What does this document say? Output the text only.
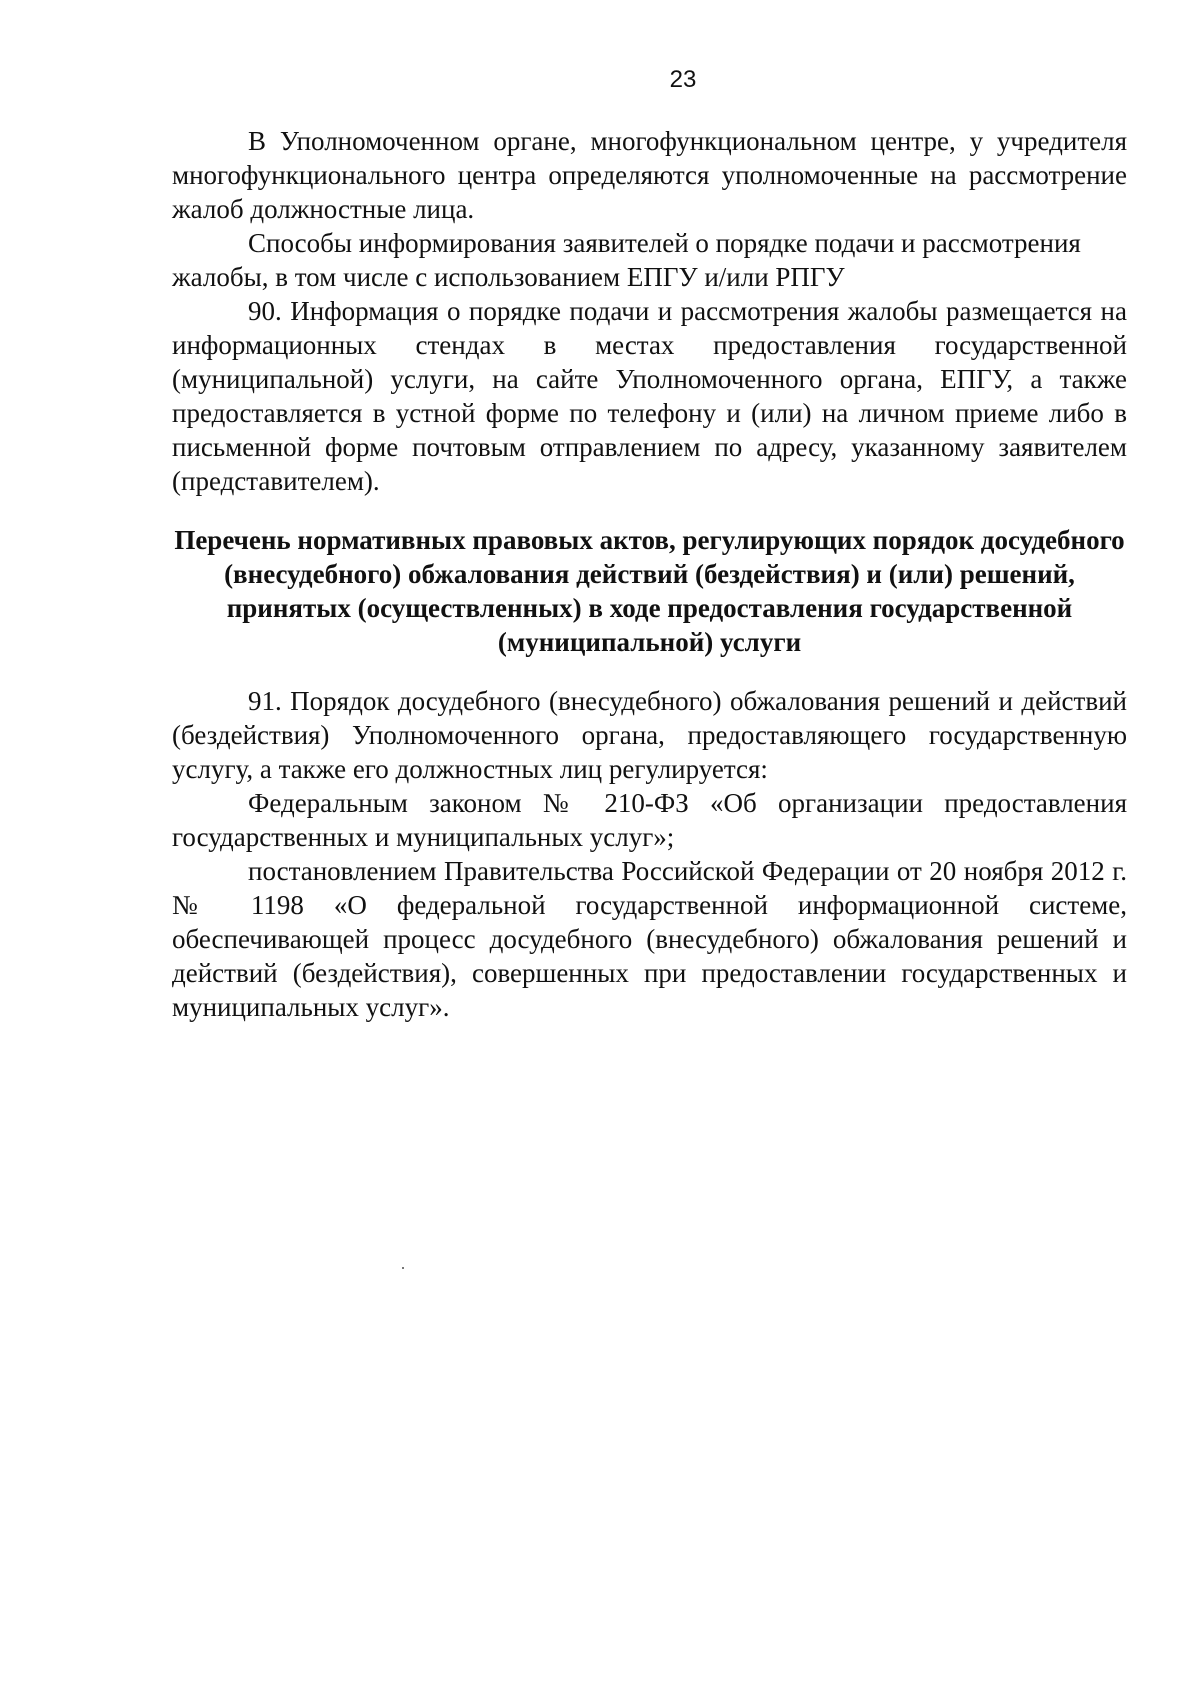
23

В Уполномоченном органе, многофункциональном центре, у учредителя многофункционального центра определяются уполномоченные на рассмотрение жалоб должностные лица.

Способы информирования заявителей о порядке подачи и рассмотрения жалобы, в том числе с использованием ЕПГУ и/или РПГУ

90. Информация о порядке подачи и рассмотрения жалобы размещается на информационных стендах в местах предоставления государственной (муниципальной) услуги, на сайте Уполномоченного органа, ЕПГУ, а также предоставляется в устной форме по телефону и (или) на личном приеме либо в письменной форме почтовым отправлением по адресу, указанному заявителем (представителем).

Перечень нормативных правовых актов, регулирующих порядок досудебного (внесудебного) обжалования действий (бездействия) и (или) решений, принятых (осуществленных) в ходе предоставления государственной (муниципальной) услуги

91. Порядок досудебного (внесудебного) обжалования решений и действий (бездействия) Уполномоченного органа, предоставляющего государственную услугу, а также его должностных лиц регулируется:

Федеральным законом № 210-ФЗ «Об организации предоставления государственных и муниципальных услуг»;

постановлением Правительства Российской Федерации от 20 ноября 2012 г. № 1198 «О федеральной государственной информационной системе, обеспечивающей процесс досудебного (внесудебного) обжалования решений и действий (бездействия), совершенных при предоставлении государственных и муниципальных услуг».
